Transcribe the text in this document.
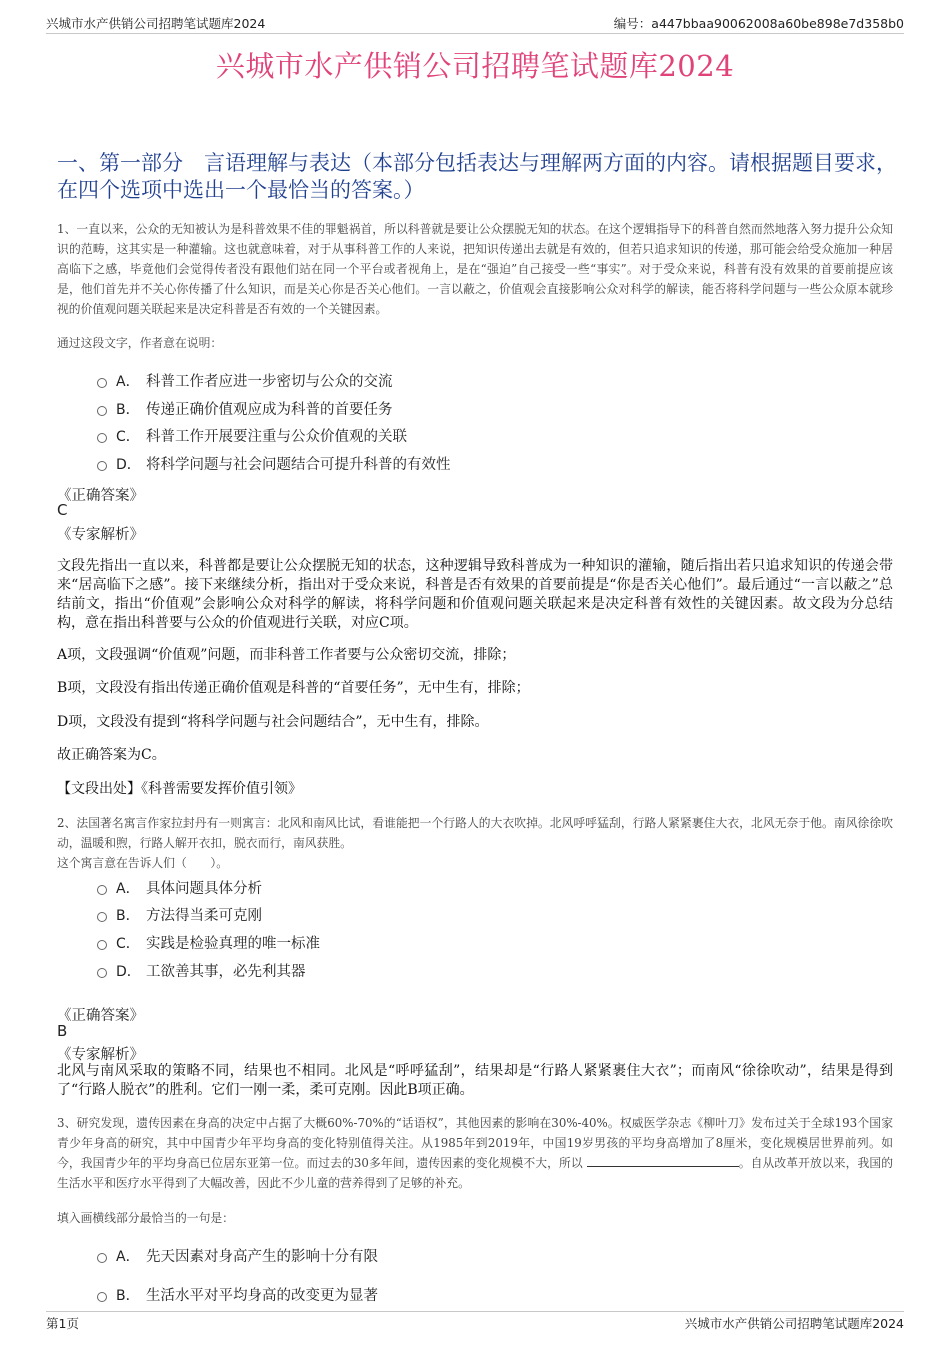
兴城市水产供销公司招聘笔试题库2024	编号：a447bbaa90062008a60be898e7d358b0
兴城市水产供销公司招聘笔试题库2024
一、第一部分　言语理解与表达（本部分包括表达与理解两方面的内容。请根据题目要求，在四个选项中选出一个最恰当的答案。）
1、一直以来，公众的无知被认为是科普效果不佳的罪魁祸首，所以科普就是要让公众摆脱无知的状态。在这个逻辑指导下的科普自然而然地落入努力提升公众知识的范畴，这其实是一种灌输。这也就意味着，对于从事科普工作的人来说，把知识传递出去就是有效的，但若只追求知识的传递，那可能会给受众施加一种居高临下之感，毕竟他们会觉得传者没有跟他们站在同一个平台或者视角上，是在“强迫”自己接受一些“事实”。对于受众来说，科普有没有效果的首要前提应该是，他们首先并不关心你传播了什么知识，而是关心你是否关心他们。一言以蔽之，价值观会直接影响公众对科学的解读，能否将科学问题与一些公众原本就珍视的价值观问题关联起来是决定科普是否有效的一个关键因素。
通过这段文字，作者意在说明：
A． 科普工作者应进一步密切与公众的交流
B． 传递正确价值观应成为科普的首要任务
C． 科普工作开展要注重与公众价值观的关联
D． 将科学问题与社会问题结合可提升科普的有效性
《正确答案》
C
《专家解析》
文段先指出一直以来，科普都是要让公众摆脱无知的状态，这种逻辑导致科普成为一种知识的灌输，随后指出若只追求知识的传递会带来“居高临下之感”。接下来继续分析，指出对于受众来说，科普是否有效果的首要前提是“你是否关心他们”。最后通过“一言以蔽之”总结前文，指出“价值观”会影响公众对科学的解读，将科学问题和价值观问题关联起来是决定科普有效性的关键因素。故文段为分总结构，意在指出科普要与公众的价值观进行关联，对应C项。
A项，文段强调“价值观”问题，而非科普工作者要与公众密切交流，排除；
B项，文段没有指出传递正确价值观是科普的“首要任务”，无中生有，排除；
D项，文段没有提到“将科学问题与社会问题结合”，无中生有，排除。
故正确答案为C。
【文段出处】《科普需要发挥价值引领》
2、法国著名寓言作家拉封丹有一则寓言：北风和南风比试，看谁能把一个行路人的大衣吹掉。北风呼呼猛刮，行路人紧紧裹住大衣，北风无奈于他。南风徐徐吹动，温暖和煦，行路人解开衣扣，脱衣而行，南风获胜。
这个寓言意在告诉人们（　　）。
A． 具体问题具体分析
B． 方法得当柔可克刚
C． 实践是检验真理的唯一标准
D． 工欲善其事，必先利其器
《正确答案》
B
《专家解析》
北风与南风采取的策略不同，结果也不相同。北风是“呼呼猛刮”，结果却是“行路人紧紧裹住大衣”；而南风“徐徐吹动”，结果是得到了“行路人脱衣”的胜利。它们一刚一柔，柔可克刚。因此B项正确。
3、研究发现，遗传因素在身高的决定中占据了大概60%-70%的“话语权”，其他因素的影响在30%-40%。权威医学杂志《柳叶刀》发布过关于全球193个国家青少年身高的研究，其中中国青少年平均身高的变化特别值得关注。从1985年到2019年，中国19岁男孩的平均身高增加了8厘米，变化规模居世界前列。如今，我国青少年的平均身高已位居东亚第一位。而过去的30多年间，遗传因素的变化规模不大，所以	。自从改革开放以来，我国的生活水平和医疗水平得到了大幅改善，因此不少儿童的营养得到了足够的补充。
填入画横线部分最恰当的一句是：
A． 先天因素对身高产生的影响十分有限
B． 生活水平对平均身高的改变更为显著
第1页	兴城市水产供销公司招聘笔试题库2024
